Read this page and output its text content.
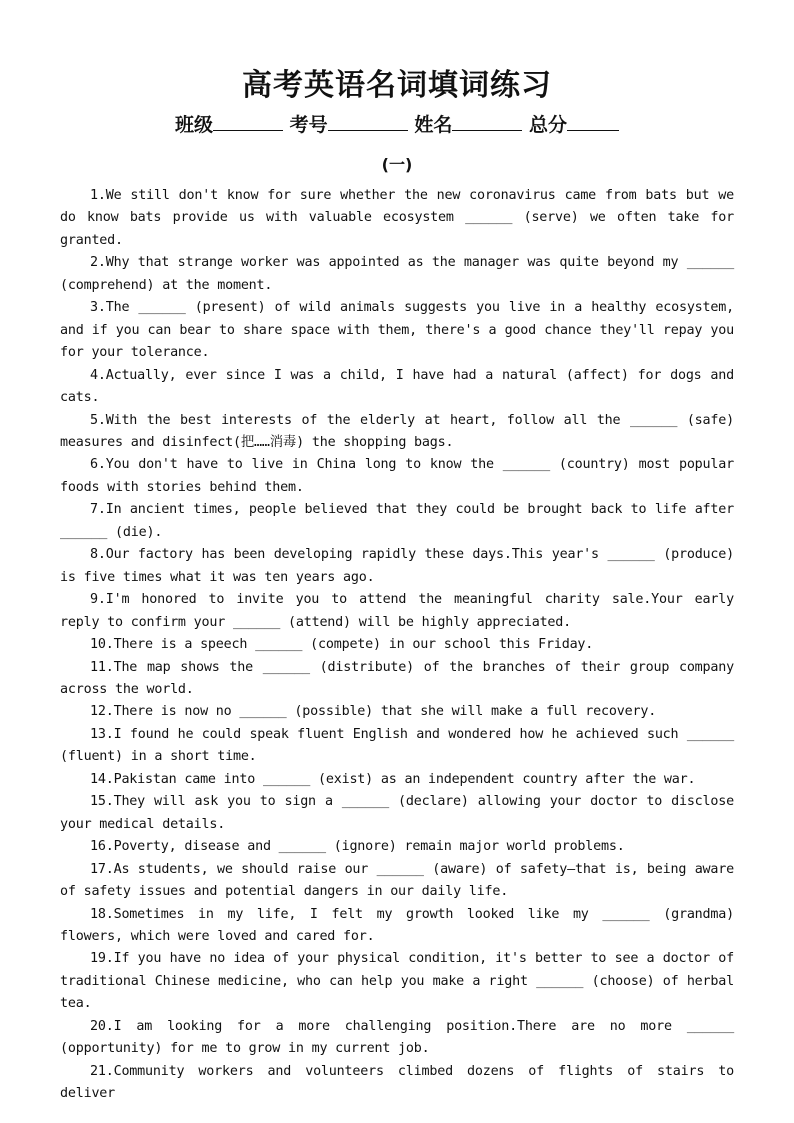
高考英语名词填词练习
班级	考号	姓名	总分
(一)

1.We still don't know for sure whether the new coronavirus came from bats but we do know bats provide us with valuable ecosystem ______ (serve) we often take for granted.

2.Why that strange worker was appointed as the manager was quite beyond my ______ (comprehend) at the moment.

3.The ______ (present) of wild animals suggests you live in a healthy ecosystem, and if you can bear to share space with them, there's a good chance they'll repay you for your tolerance.

4.Actually, ever since I was a child, I have had a natural (affect) for dogs and cats.

5.With the best interests of the elderly at heart, follow all the ______ (safe) measures and disinfect(把……消毒) the shopping bags.

6.You don't have to live in China long to know the ______ (country) most popular foods with stories behind them.

7.In ancient times, people believed that they could be brought back to life after ______ (die).

8.Our factory has been developing rapidly these days.This year's ______ (produce) is five times what it was ten years ago.

9.I'm honored to invite you to attend the meaningful charity sale.Your early reply to confirm your ______ (attend) will be highly appreciated.

10.There is a speech ______ (compete) in our school this Friday.

11.The map shows the ______ (distribute) of the branches of their group company across the world.

12.There is now no ______ (possible) that she will make a full recovery.

13.I found he could speak fluent English and wondered how he achieved such ______ (fluent) in a short time.

14.Pakistan came into ______ (exist) as an independent country after the war.

15.They will ask you to sign a ______ (declare) allowing your doctor to disclose your medical details.

16.Poverty, disease and ______ (ignore) remain major world problems.

17.As students, we should raise our ______ (aware) of safety—that is, being aware of safety issues and potential dangers in our daily life.

18.Sometimes in my life, I felt my growth looked like my ______ (grandma) flowers, which were loved and cared for.

19.If you have no idea of your physical condition, it's better to see a doctor of traditional Chinese medicine, who can help you make a right ______ (choose) of herbal tea.

20.I am looking for a more challenging position.There are no more ______ (opportunity) for me to grow in my current job.

21.Community workers and volunteers climbed dozens of flights of stairs to deliver
